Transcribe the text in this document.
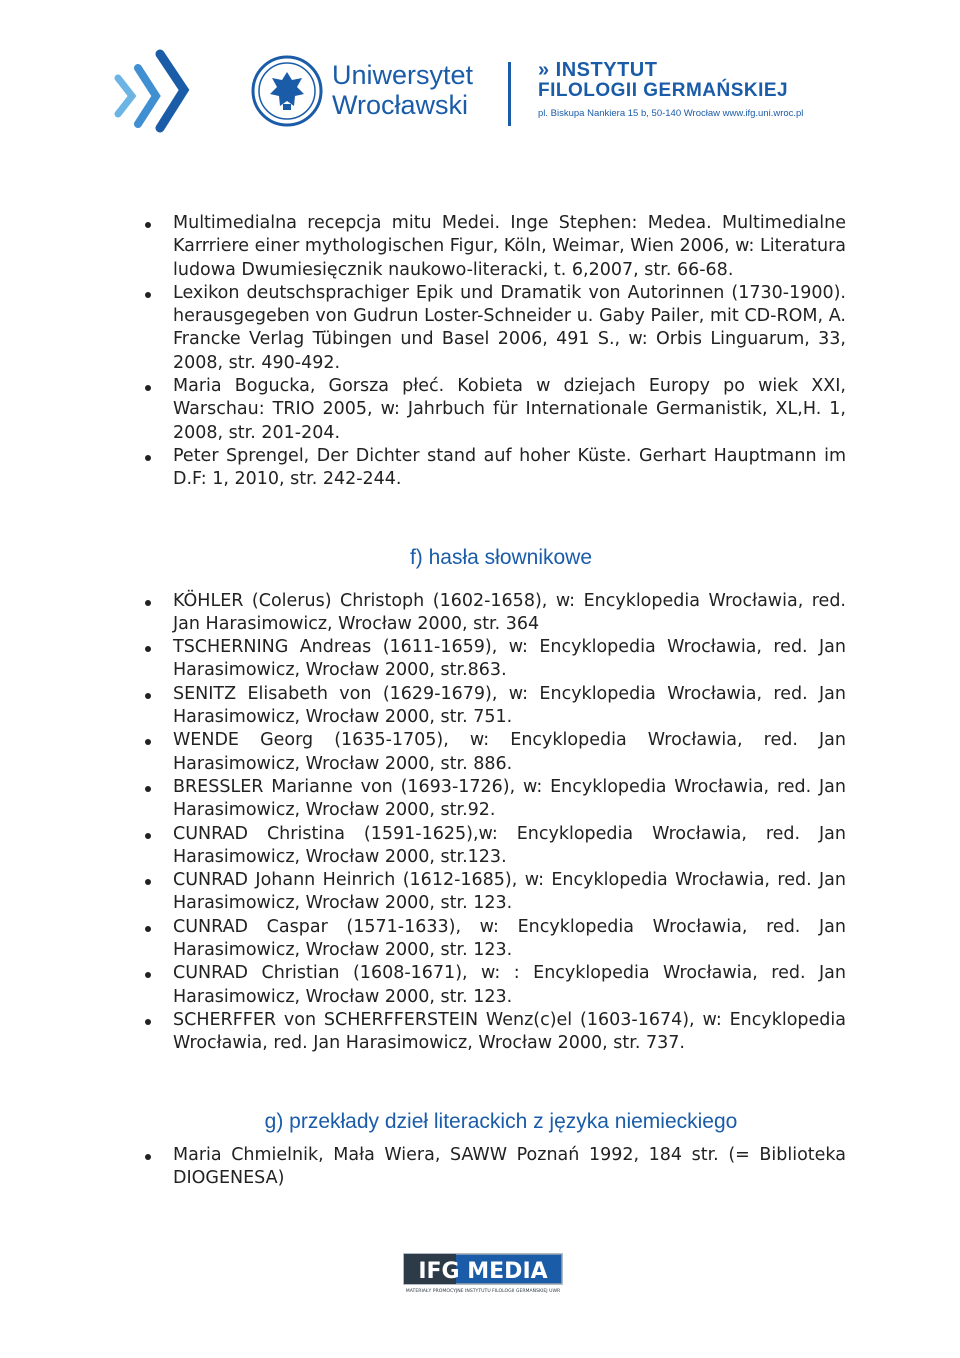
Uniwersytet
Wrocławski
» INSTYTUT
FILOLOGII GERMAŃSKIEJ
pl. Biskupa Nankiera 15 b, 50-140 Wrocław www.ifg.uni.wroc.pl
Multimedialna recepcja mitu Medei. Inge Stephen: Medea. Multimedialne Karrriere einer mythologischen Figur, Köln, Weimar, Wien 2006, w: Literatura ludowa Dwumiesięcznik naukowo-literacki, t. 6,2007, str. 66-68.
Lexikon deutschsprachiger Epik und Dramatik von Autorinnen (1730-1900). herausgegeben von Gudrun Loster-Schneider u. Gaby Pailer, mit CD-ROM, A. Francke Verlag Tübingen und Basel 2006, 491 S., w: Orbis Linguarum, 33, 2008, str. 490-492.
Maria Bogucka, Gorsza płeć. Kobieta w dziejach Europy po wiek XXI, Warschau: TRIO 2005, w: Jahrbuch für Internationale Germanistik, XL,H. 1, 2008, str. 201-204.
Peter Sprengel, Der Dichter stand auf hoher Küste. Gerhart Hauptmann im D.F: 1, 2010, str. 242-244.
f) hasła słownikowe
KÖHLER (Colerus) Christoph (1602-1658), w: Encyklopedia Wrocławia, red. Jan Harasimowicz, Wrocław 2000, str. 364
TSCHERNING Andreas (1611-1659), w: Encyklopedia Wrocławia, red. Jan Harasimowicz, Wrocław 2000, str.863.
SENITZ Elisabeth von (1629-1679), w: Encyklopedia Wrocławia, red. Jan Harasimowicz, Wrocław 2000, str. 751.
WENDE Georg (1635-1705), w: Encyklopedia Wrocławia, red. Jan Harasimowicz, Wrocław 2000, str. 886.
BRESSLER Marianne von (1693-1726), w: Encyklopedia Wrocławia, red. Jan Harasimowicz, Wrocław 2000, str.92.
CUNRAD Christina (1591-1625),w: Encyklopedia Wrocławia, red. Jan Harasimowicz, Wrocław 2000, str.123.
CUNRAD Johann Heinrich (1612-1685), w: Encyklopedia Wrocławia, red. Jan Harasimowicz, Wrocław 2000, str. 123.
CUNRAD Caspar (1571-1633), w: Encyklopedia Wrocławia, red. Jan Harasimowicz, Wrocław 2000, str. 123.
CUNRAD Christian (1608-1671), w: : Encyklopedia Wrocławia, red. Jan Harasimowicz, Wrocław 2000, str. 123.
SCHERFFER von SCHERFFERSTEIN Wenz(c)el (1603-1674), w: Encyklopedia Wrocławia, red. Jan Harasimowicz, Wrocław 2000, str. 737.
g) przekłady dzieł literackich z języka niemieckiego
Maria Chmielnik, Mała Wiera, SAWW Poznań 1992, 184 str. (= Biblioteka DIOGENESA)
IFG MEDIA
MATERIAŁY PROMOCYJNE INSTYTUTU FILOLOGII GERMAŃSKIEJ UWR
